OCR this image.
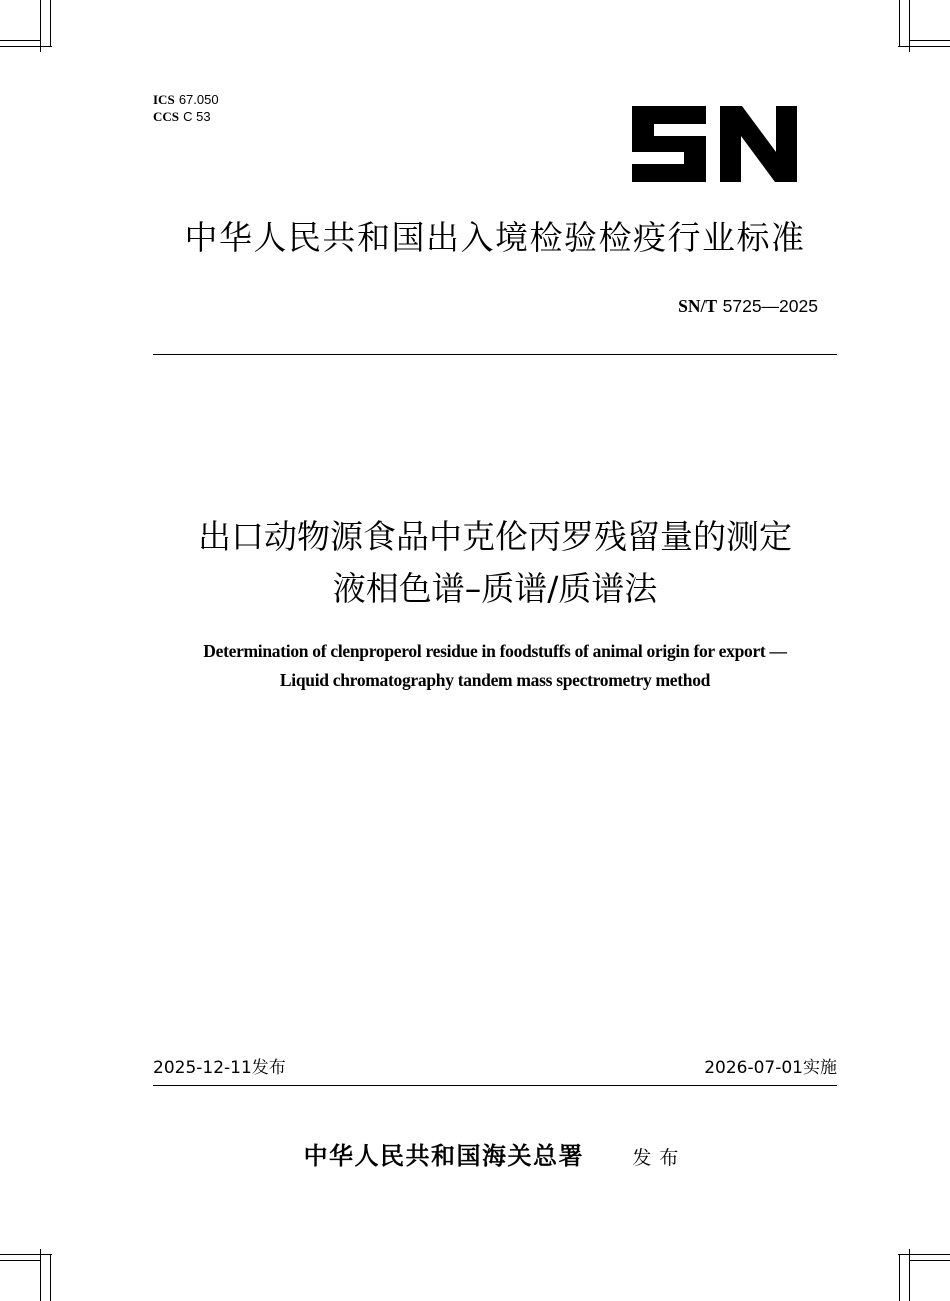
ICS 67.050
CCS C 53
中华人民共和国出入境检验检疫行业标准
SN/T 5725—2025
出口动物源食品中克伦丙罗残留量的测定
液相色谱–质谱/质谱法
Determination of clenproperol residue in foodstuffs of animal origin for export —
Liquid chromatography tandem mass spectrometry method
2025-12-11发布	2026-07-01实施
中华人民共和国海关总署	发布
